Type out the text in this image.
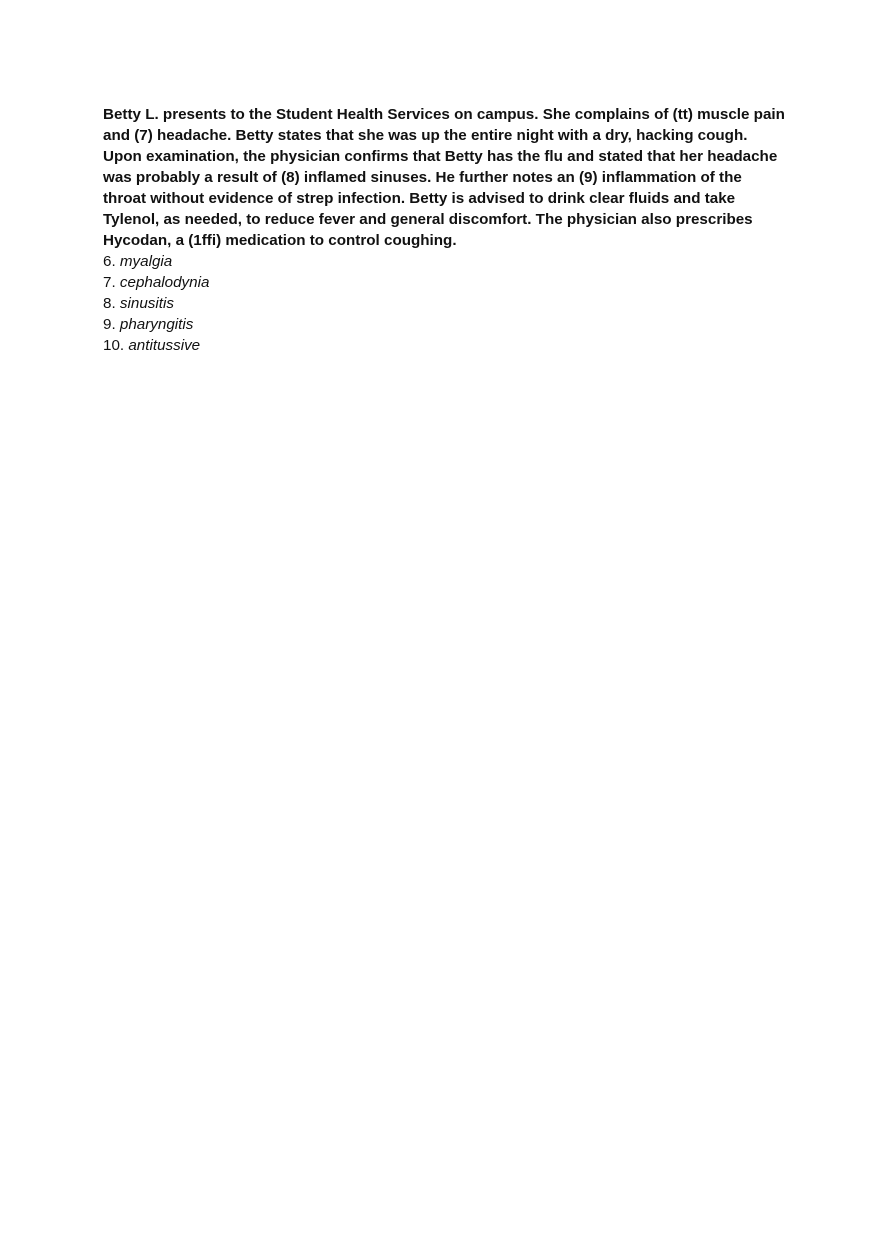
Betty L. presents to the Student Health Services on campus. She complains of (tt) muscle pain
and (7) headache. Betty states that she was up the entire night with a dry, hacking cough.
Upon examination, the physician confirms that Betty has the flu and stated that her headache
was probably a result of (8) inflamed sinuses. He further notes an (9) inflammation of the
throat without evidence of strep infection. Betty is advised to drink clear fluids and take
Tylenol, as needed, to reduce fever and general discomfort. The physician also prescribes
Hycodan, a (1ffi) medication to control coughing.
6. myalgia
7. cephalodynia
8. sinusitis
9. pharyngitis
10. antitussive
